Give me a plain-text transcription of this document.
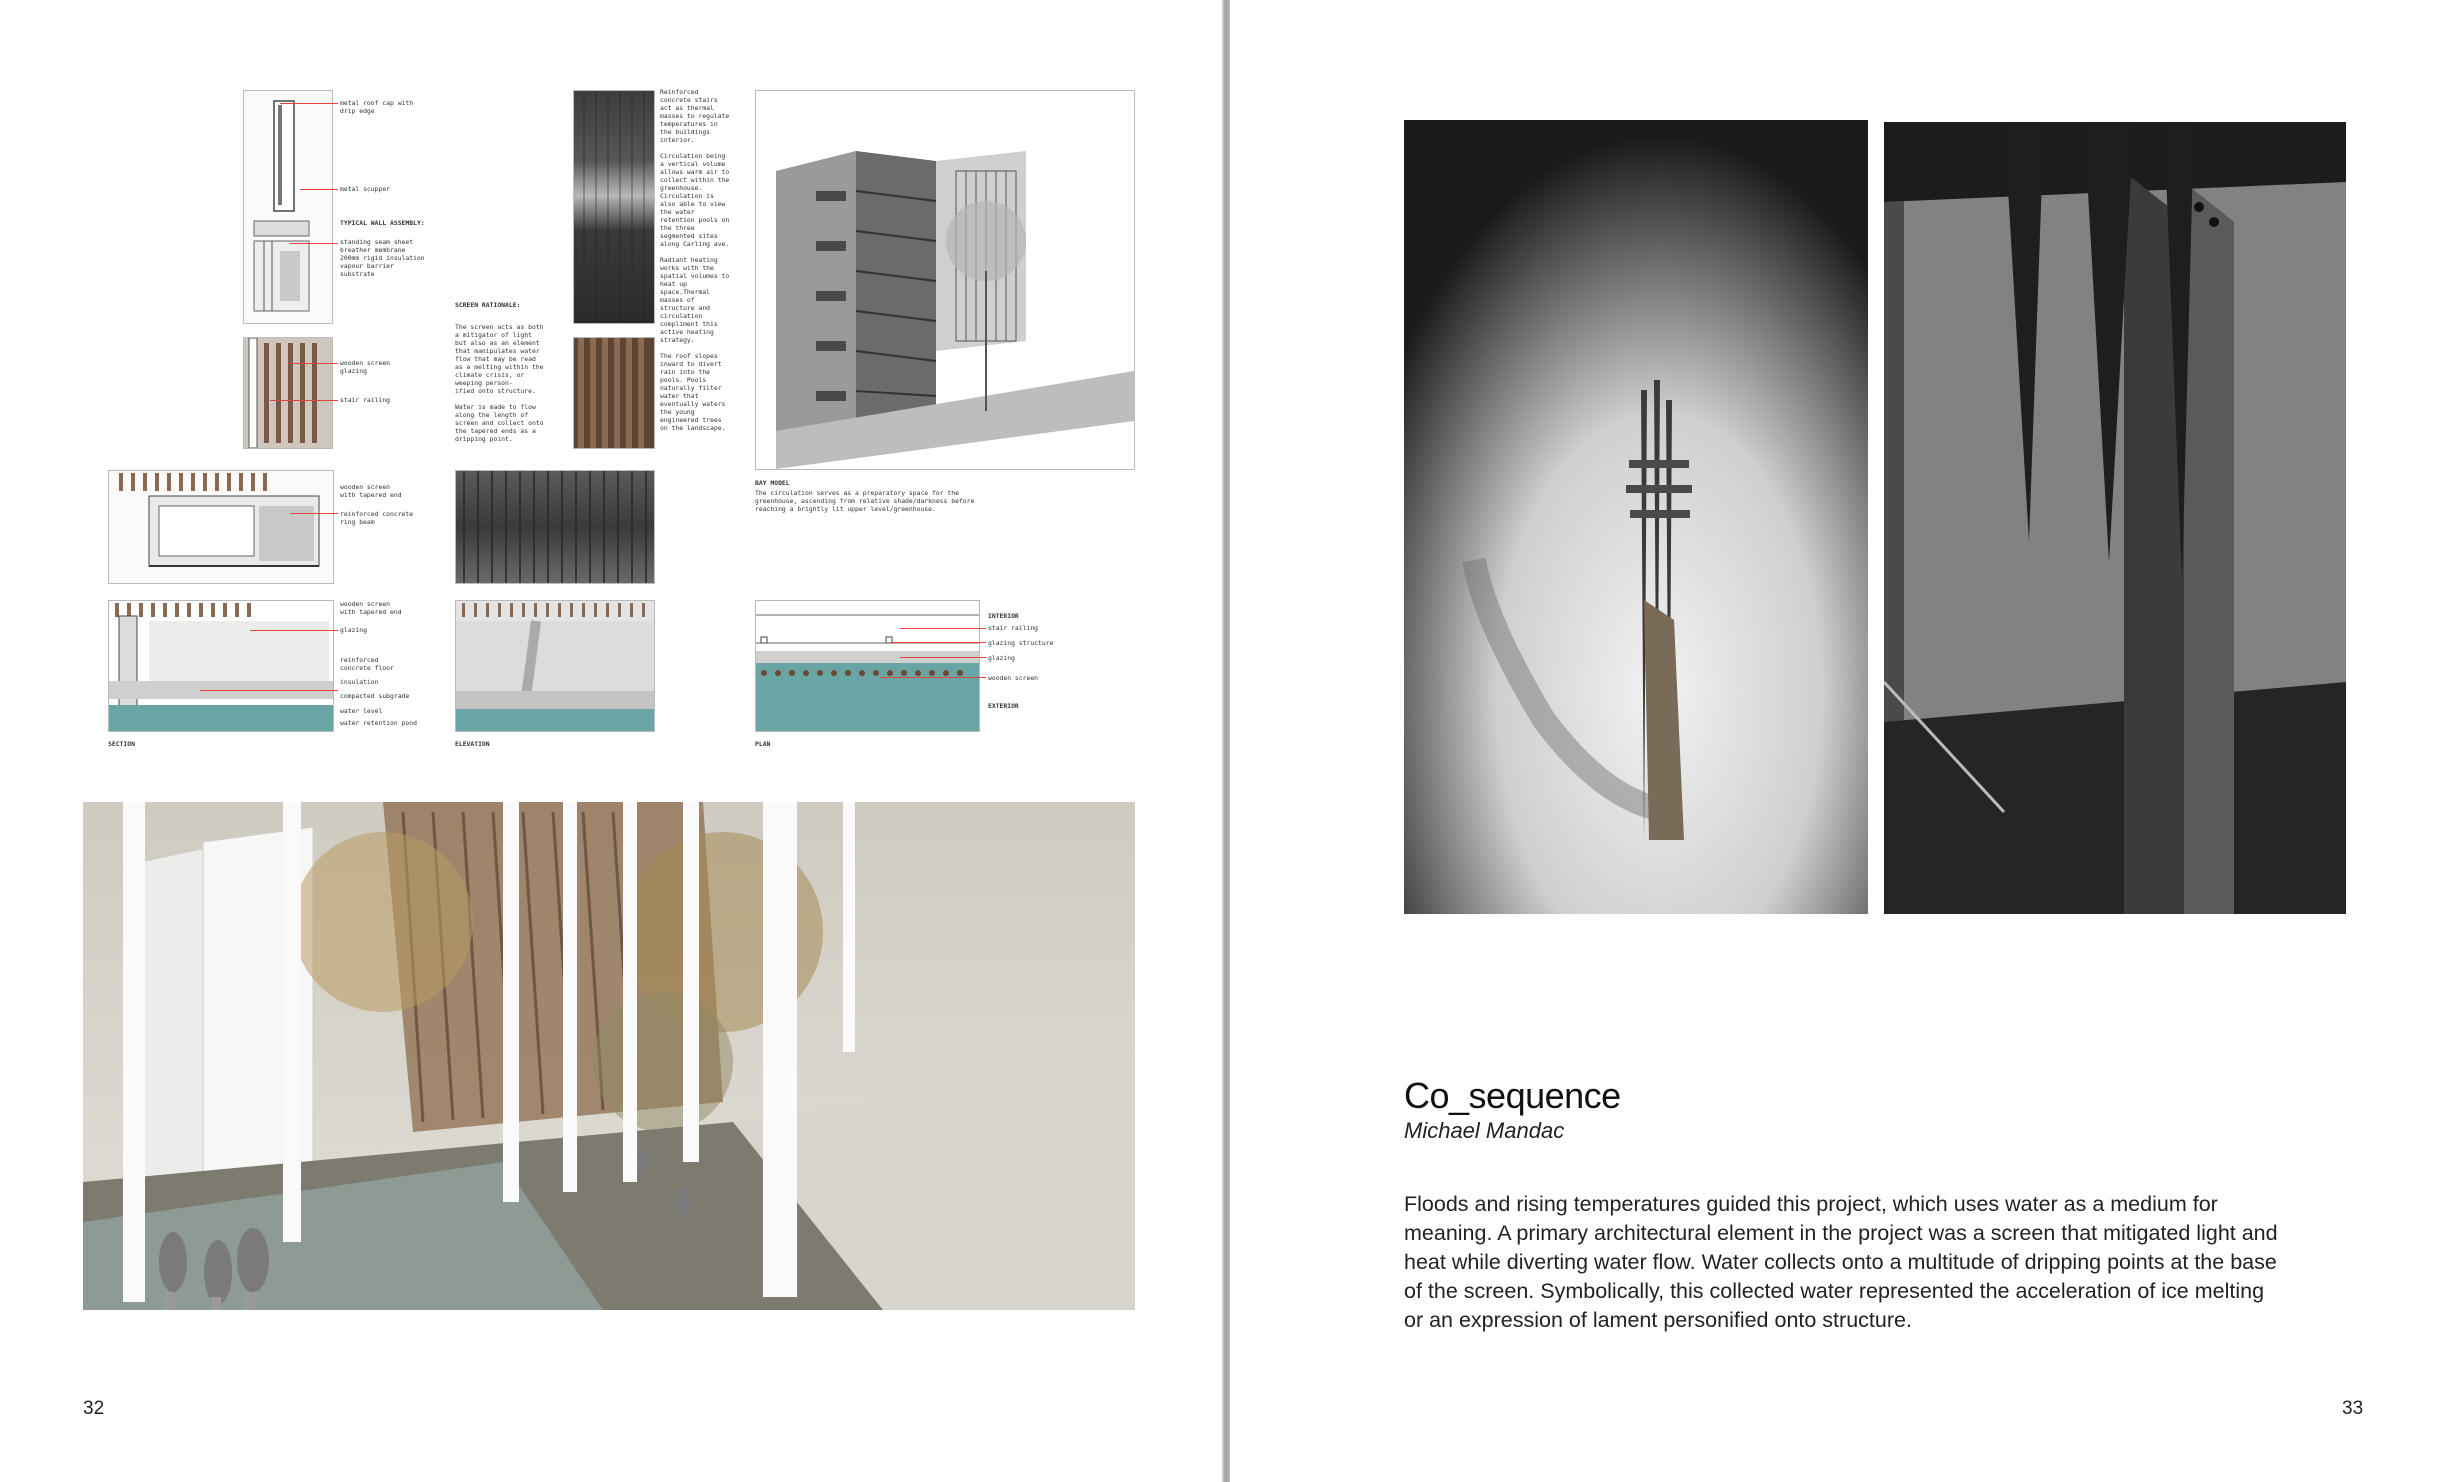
metal roof cap with
drip edge
metal scupper
TYPICAL WALL ASSEMBLY:
standing seam sheet
breather membrane
200mm rigid insulation
vapour barrier
substrate
wooden screen
glazing
stair railing
SCREEN RATIONALE:
The screen acts as both
a mitigator of light
but also as an element
that manipulates water
flow that may be read
as a melting within the
climate crisis, or
weeping person-
ified onto structure.

Water is made to flow
along the length of
screen and collect onto
the tapered ends as a
dripping point.
Reinforced
concrete stairs
act as thermal
masses to regulate
temperatures in
the buildings
interior.

Circulation being
a vertical volume
allows warm air to
collect within the
greenhouse.
Circulation is
also able to view
the water
retention pools on
the three
segmented sites
along Carling ave.

Radiant heating
works with the
spatial volumes to
heat up
space.Thermal
masses of
structure and
circulation
compliment this
active heating
strategy.

The roof slopes
inward to divert
rain into the
pools. Pools
naturally filter
water that
eventually waters
the young
engineered trees
on the landscape.
BAY MODEL
The circulation serves as a preparatory space for the
greenhouse, ascending from relative shade/darkness before
reaching a brightly lit upper level/greenhouse.
wooden screen
with tapered end
reinforced concrete
ring beam
wooden screen
with tapered end
glazing
reinforced
concrete floor
insulation
compacted subgrade
water level
water retention pond
INTERIOR
stair railing
glazing structure
glazing
wooden screen
EXTERIOR
SECTION	ELEVATION	PLAN
32
Co_sequence
Michael Mandac

Floods and rising temperatures guided this project, which uses water as a medium for meaning. A primary architectural element in the project was a screen that mitigated light and heat while diverting water flow. Water collects onto a multitude of dripping points at the base of the screen. Symbolically, this collected water represented the acceleration of ice melting or an expression of lament personified onto structure.

33
